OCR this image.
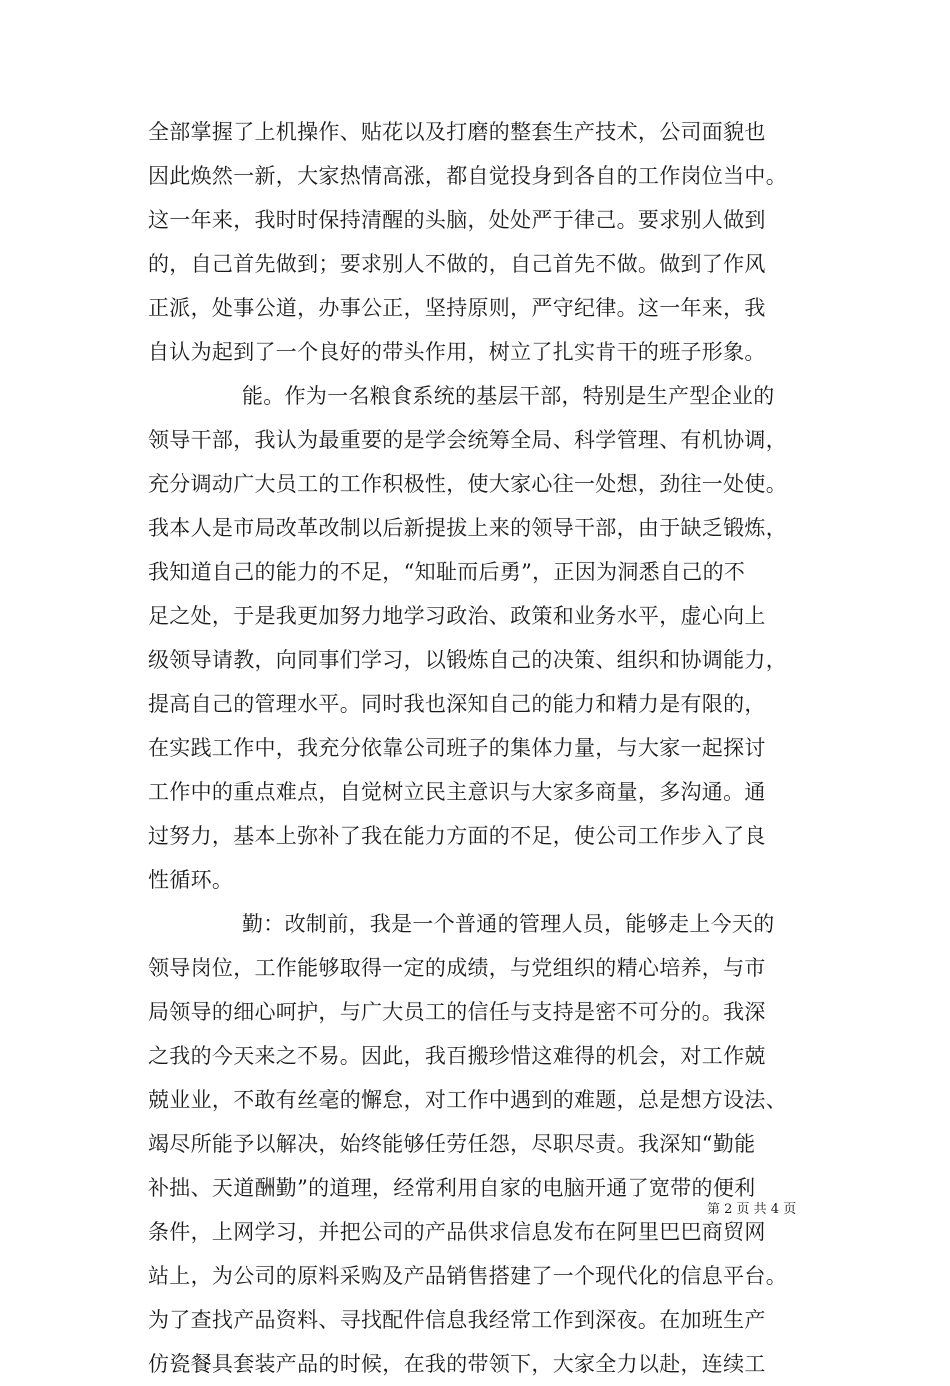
全部掌握了上机操作、贴花以及打磨的整套生产技术，公司面貌也
因此焕然一新，大家热情高涨，都自觉投身到各自的工作岗位当中。
这一年来，我时时保持清醒的头脑，处处严于律己。要求别人做到
的，自己首先做到；要求别人不做的，自己首先不做。做到了作风
正派，处事公道，办事公正，坚持原则，严守纪律。这一年来，我
自认为起到了一个良好的带头作用，树立了扎实肯干的班子形象。
能。作为一名粮食系统的基层干部，特别是生产型企业的
领导干部，我认为最重要的是学会统筹全局、科学管理、有机协调，
充分调动广大员工的工作积极性，使大家心往一处想，劲往一处使。
我本人是市局改革改制以后新提拔上来的领导干部，由于缺乏锻炼，
我知道自己的能力的不足，“知耻而后勇”，正因为洞悉自己的不
足之处，于是我更加努力地学习政治、政策和业务水平，虚心向上
级领导请教，向同事们学习，以锻炼自己的决策、组织和协调能力，
提高自己的管理水平。同时我也深知自己的能力和精力是有限的，
在实践工作中，我充分依靠公司班子的集体力量，与大家一起探讨
工作中的重点难点，自觉树立民主意识与大家多商量，多沟通。通
过努力，基本上弥补了我在能力方面的不足，使公司工作步入了良
性循环。
勤：改制前，我是一个普通的管理人员，能够走上今天的
领导岗位，工作能够取得一定的成绩，与党组织的精心培养，与市
局领导的细心呵护，与广大员工的信任与支持是密不可分的。我深
之我的今天来之不易。因此，我百搬珍惜这难得的机会，对工作兢
兢业业，不敢有丝毫的懈怠，对工作中遇到的难题，总是想方设法、
竭尽所能予以解决，始终能够任劳任怨，尽职尽责。我深知“勤能
补拙、天道酬勤”的道理，经常利用自家的电脑开通了宽带的便利
条件，上网学习，并把公司的产品供求信息发布在阿里巴巴商贸网
站上，为公司的原料采购及产品销售搭建了一个现代化的信息平台。
为了查找产品资料、寻找配件信息我经常工作到深夜。在加班生产
仿瓷餐具套装产品的时候，在我的带领下，大家全力以赴，连续工
第 2 页 共 4 页
